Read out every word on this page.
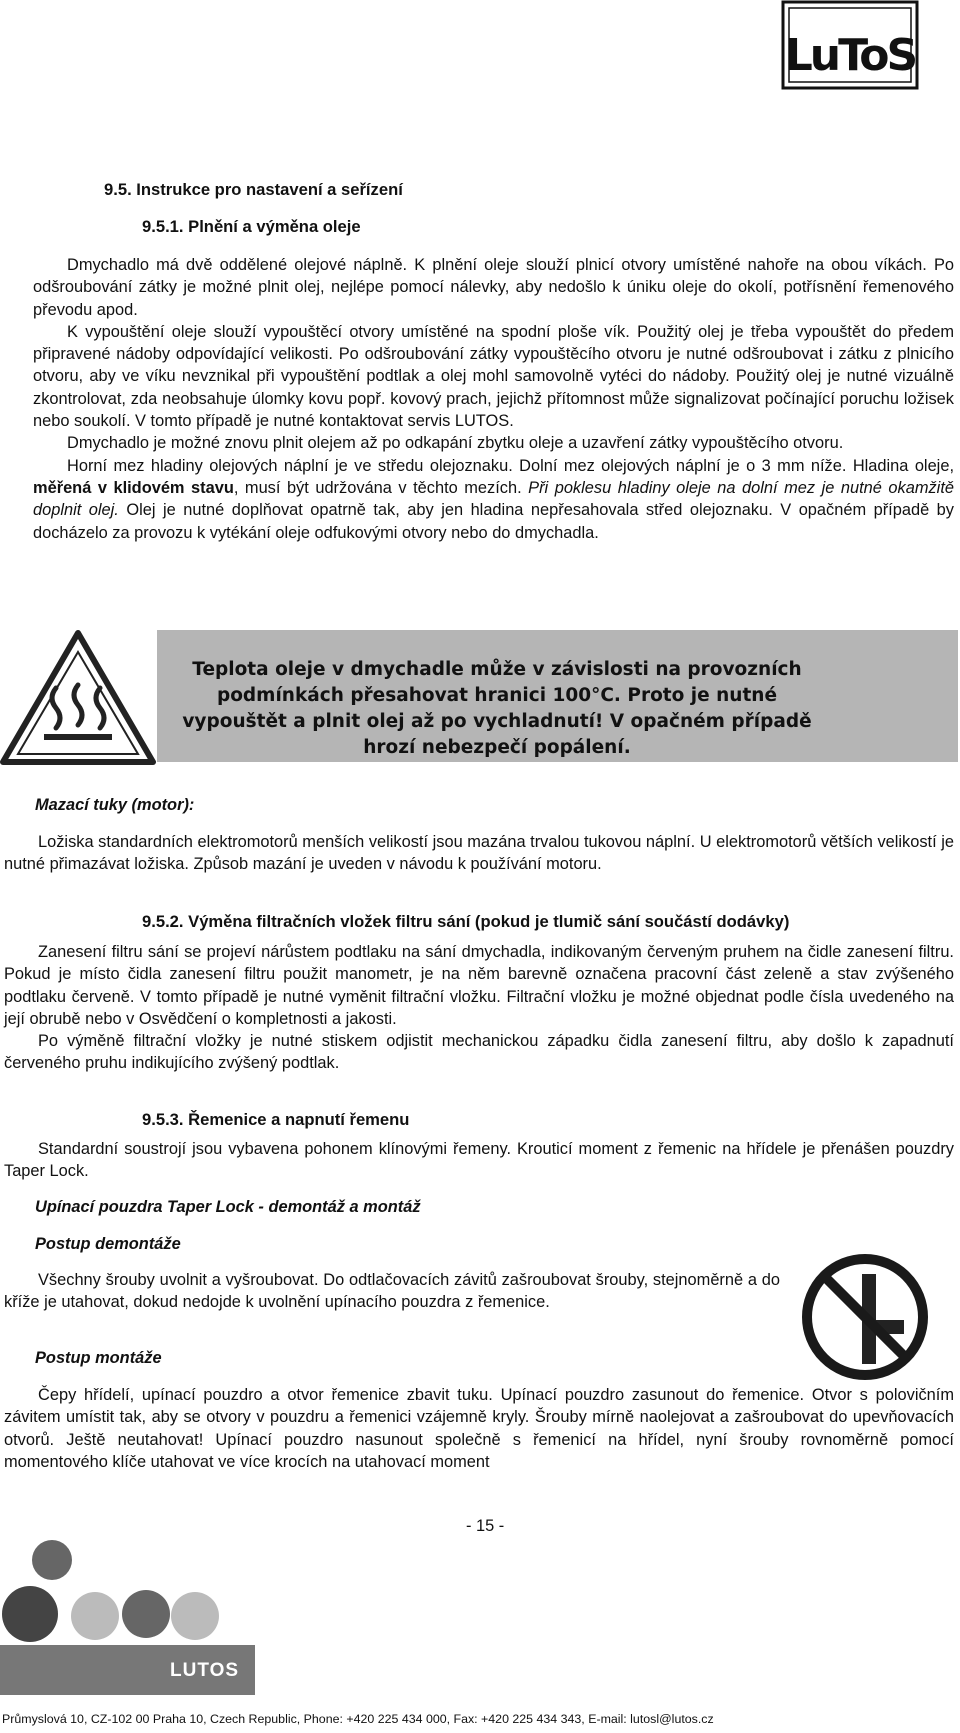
LuToS

9.5. Instrukce pro nastavení a seřízení

9.5.1. Plnění a výměna oleje

Dmychadlo má dvě oddělené olejové náplně. K plnění oleje slouží plnicí otvory umístěné nahoře na obou víkách. Po odšroubování zátky je možné plnit olej, nejlépe pomocí nálevky, aby nedošlo k úniku oleje do okolí, potřísnění řemenového převodu apod.

K vypouštění oleje slouží vypouštěcí otvory umístěné na spodní ploše vík. Použitý olej je třeba vypouštět do předem připravené nádoby odpovídající velikosti. Po odšroubování zátky vypouštěcího otvoru je nutné odšroubovat i zátku z plnicího otvoru, aby ve víku nevznikal při vypouštění podtlak a olej mohl samovolně vytéci do nádoby. Použitý olej je nutné vizuálně zkontrolovat, zda neobsahuje úlomky kovu popř. kovový prach, jejichž přítomnost může signalizovat počínající poruchu ložisek nebo soukolí. V tomto případě je nutné kontaktovat servis LUTOS.

Dmychadlo je možné znovu plnit olejem až po odkapání zbytku oleje a uzavření zátky vypouštěcího otvoru.

Horní mez hladiny olejových náplní je ve středu olejoznaku. Dolní mez olejových náplní je o 3 mm níže. Hladina oleje, měřená v klidovém stavu, musí být udržována v těchto mezích. Při poklesu hladiny oleje na dolní mez je nutné okamžitě doplnit olej. Olej je nutné doplňovat opatrně tak, aby jen hladina nepřesahovala střed olejoznaku. V opačném případě by docházelo za provozu k vytékání oleje odfukovými otvory nebo do dmychadla.

Teplota oleje v dmychadle může v závislosti na provozních podmínkách přesahovat hranici 100°C. Proto je nutné vypouštět a plnit olej až po vychladnutí! V opačném případě hrozí nebezpečí popálení.

Mazací tuky (motor):

Ložiska standardních elektromotorů menších velikostí jsou mazána trvalou tukovou náplní. U elektromotorů větších velikostí je nutné přimazávat ložiska. Způsob mazání je uveden v návodu k používání motoru.

9.5.2. Výměna filtračních vložek filtru sání (pokud je tlumič sání součástí dodávky)

Zanesení filtru sání se projeví nárůstem podtlaku na sání dmychadla, indikovaným červeným pruhem na čidle zanesení filtru. Pokud je místo čidla zanesení filtru použit manometr, je na něm barevně označena pracovní část zeleně a stav zvýšeného podtlaku červeně. V tomto případě je nutné vyměnit filtrační vložku. Filtrační vložku je možné objednat podle čísla uvedeného na její obrubě nebo v Osvědčení o kompletnosti a jakosti.

Po výměně filtrační vložky je nutné stiskem odjistit mechanickou západku čidla zanesení filtru, aby došlo k zapadnutí červeného pruhu indikujícího zvýšený podtlak.

9.5.3. Řemenice a napnutí řemenu

Standardní soustrojí jsou vybavena pohonem klínovými řemeny. Krouticí moment z řemenic na hřídele je přenášen pouzdry Taper Lock.

Upínací pouzdra Taper Lock - demontáž a montáž

Postup demontáže

Všechny šrouby uvolnit a vyšroubovat. Do odtlačovacích závitů zašroubovat šrouby, stejnoměrně a do kříže je utahovat, dokud nedojde k uvolnění upínacího pouzdra z řemenice.

Postup montáže

Čepy hřídelí, upínací pouzdro a otvor řemenice zbavit tuku. Upínací pouzdro zasunout do řemenice. Otvor s polovičním závitem umístit tak, aby se otvory v pouzdru a řemenici vzájemně kryly. Šrouby mírně naolejovat a zašroubovat do upevňovacích otvorů. Ještě neutahovat! Upínací pouzdro nasunout společně s řemenicí na hřídel, nyní šrouby rovnoměrně pomocí momentového klíče utahovat ve více krocích na utahovací moment

- 15 -

LUTOS

Průmyslová 10, CZ-102 00 Praha 10, Czech Republic, Phone: +420 225 434 000, Fax: +420 225 434 343, E-mail: lutosl@lutos.cz
